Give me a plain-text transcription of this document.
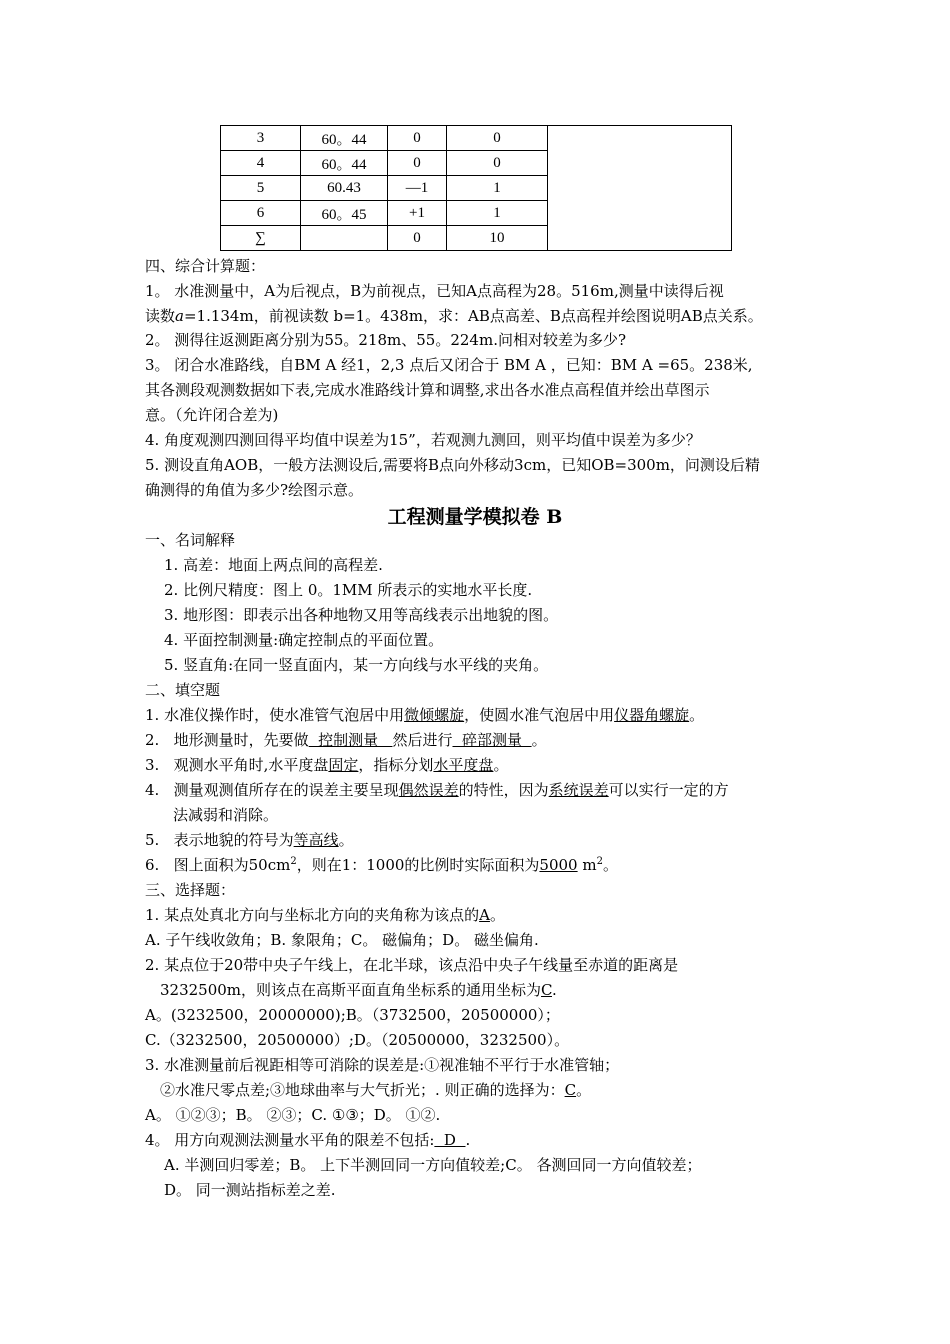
3	60。44	0	0	
4	60。44	0	0	
5	60.43	—1	1	
6	60。45	+1	1	
∑		0	10	
四、综合计算题：
1。 水准测量中，A为后视点，B为前视点，已知A点高程为28。516m,测量中读得后视
读数a=1.134m，前视读数 b=1。438m，求：AB点高差、B点高程并绘图说明AB点关系。
2。 测得往返测距离分别为55。218m、55。224m.问相对较差为多少?
3。 闭合水准路线，自BM A 经1，2,3 点后又闭合于 BM A ，已知：BM A =65。238米,
其各测段观测数据如下表,完成水准路线计算和调整,求出各水准点高程值并绘出草图示
意。（允许闭合差为)
4. 角度观测四测回得平均值中误差为15”，若观测九测回，则平均值中误差为多少？
5. 测设直角AOB，一般方法测设后,需要将B点向外移动3cm，已知OB=300m，问测设后精
确测得的角值为多少?绘图示意。
工程测量学模拟卷 B
一、名词解释
1. 高差：地面上两点间的高程差.
2. 比例尺精度：图上 0。1MM 所表示的实地水平长度.
3. 地形图：即表示出各种地物又用等高线表示出地貌的图。
4. 平面控制测量:确定控制点的平面位置。
5. 竖直角:在同一竖直面内，某一方向线与水平线的夹角。
二、填空题
1. 水准仪操作时，使水准管气泡居中用微倾螺旋，使圆水准气泡居中用仪器角螺旋。
2.   地形测量时，先要做  控制测量   然后进行  碎部测量  。
3.   观测水平角时,水平度盘固定，指标分划水平度盘。
4.   测量观测值所存在的误差主要呈现偶然误差的特性，因为系统误差可以实行一定的方
法减弱和消除。
5.   表示地貌的符号为等高线。
6.   图上面积为$50cm^2$，则在1：1000的比例时实际面积为5000 $m^2$。
三、选择题：
1. 某点处真北方向与坐标北方向的夹角称为该点的A。
A. 子午线收敛角；B. 象限角；C。 磁偏角；D。 磁坐偏角.
2. 某点位于20带中央子午线上，在北半球，该点沿中央子午线量至赤道的距离是
3232500m，则该点在高斯平面直角坐标系的通用坐标为C.
A。(3232500，20000000);B。（3732500，20500000）；
C.（3232500，20500000）;D。（20500000，3232500）。
3. 水准测量前后视距相等可消除的误差是:①视准轴不平行于水准管轴；
②水准尺零点差;③地球曲率与大气折光；. 则正确的选择为：C。
A。 ①②③；B。 ②③；C. ①③；D。 ①②.
4。 用方向观测法测量水平角的限差不包括:  D  .
A. 半测回归零差；B。 上下半测回同一方向值较差;C。 各测回同一方向值较差；
D。 同一测站指标差之差.
